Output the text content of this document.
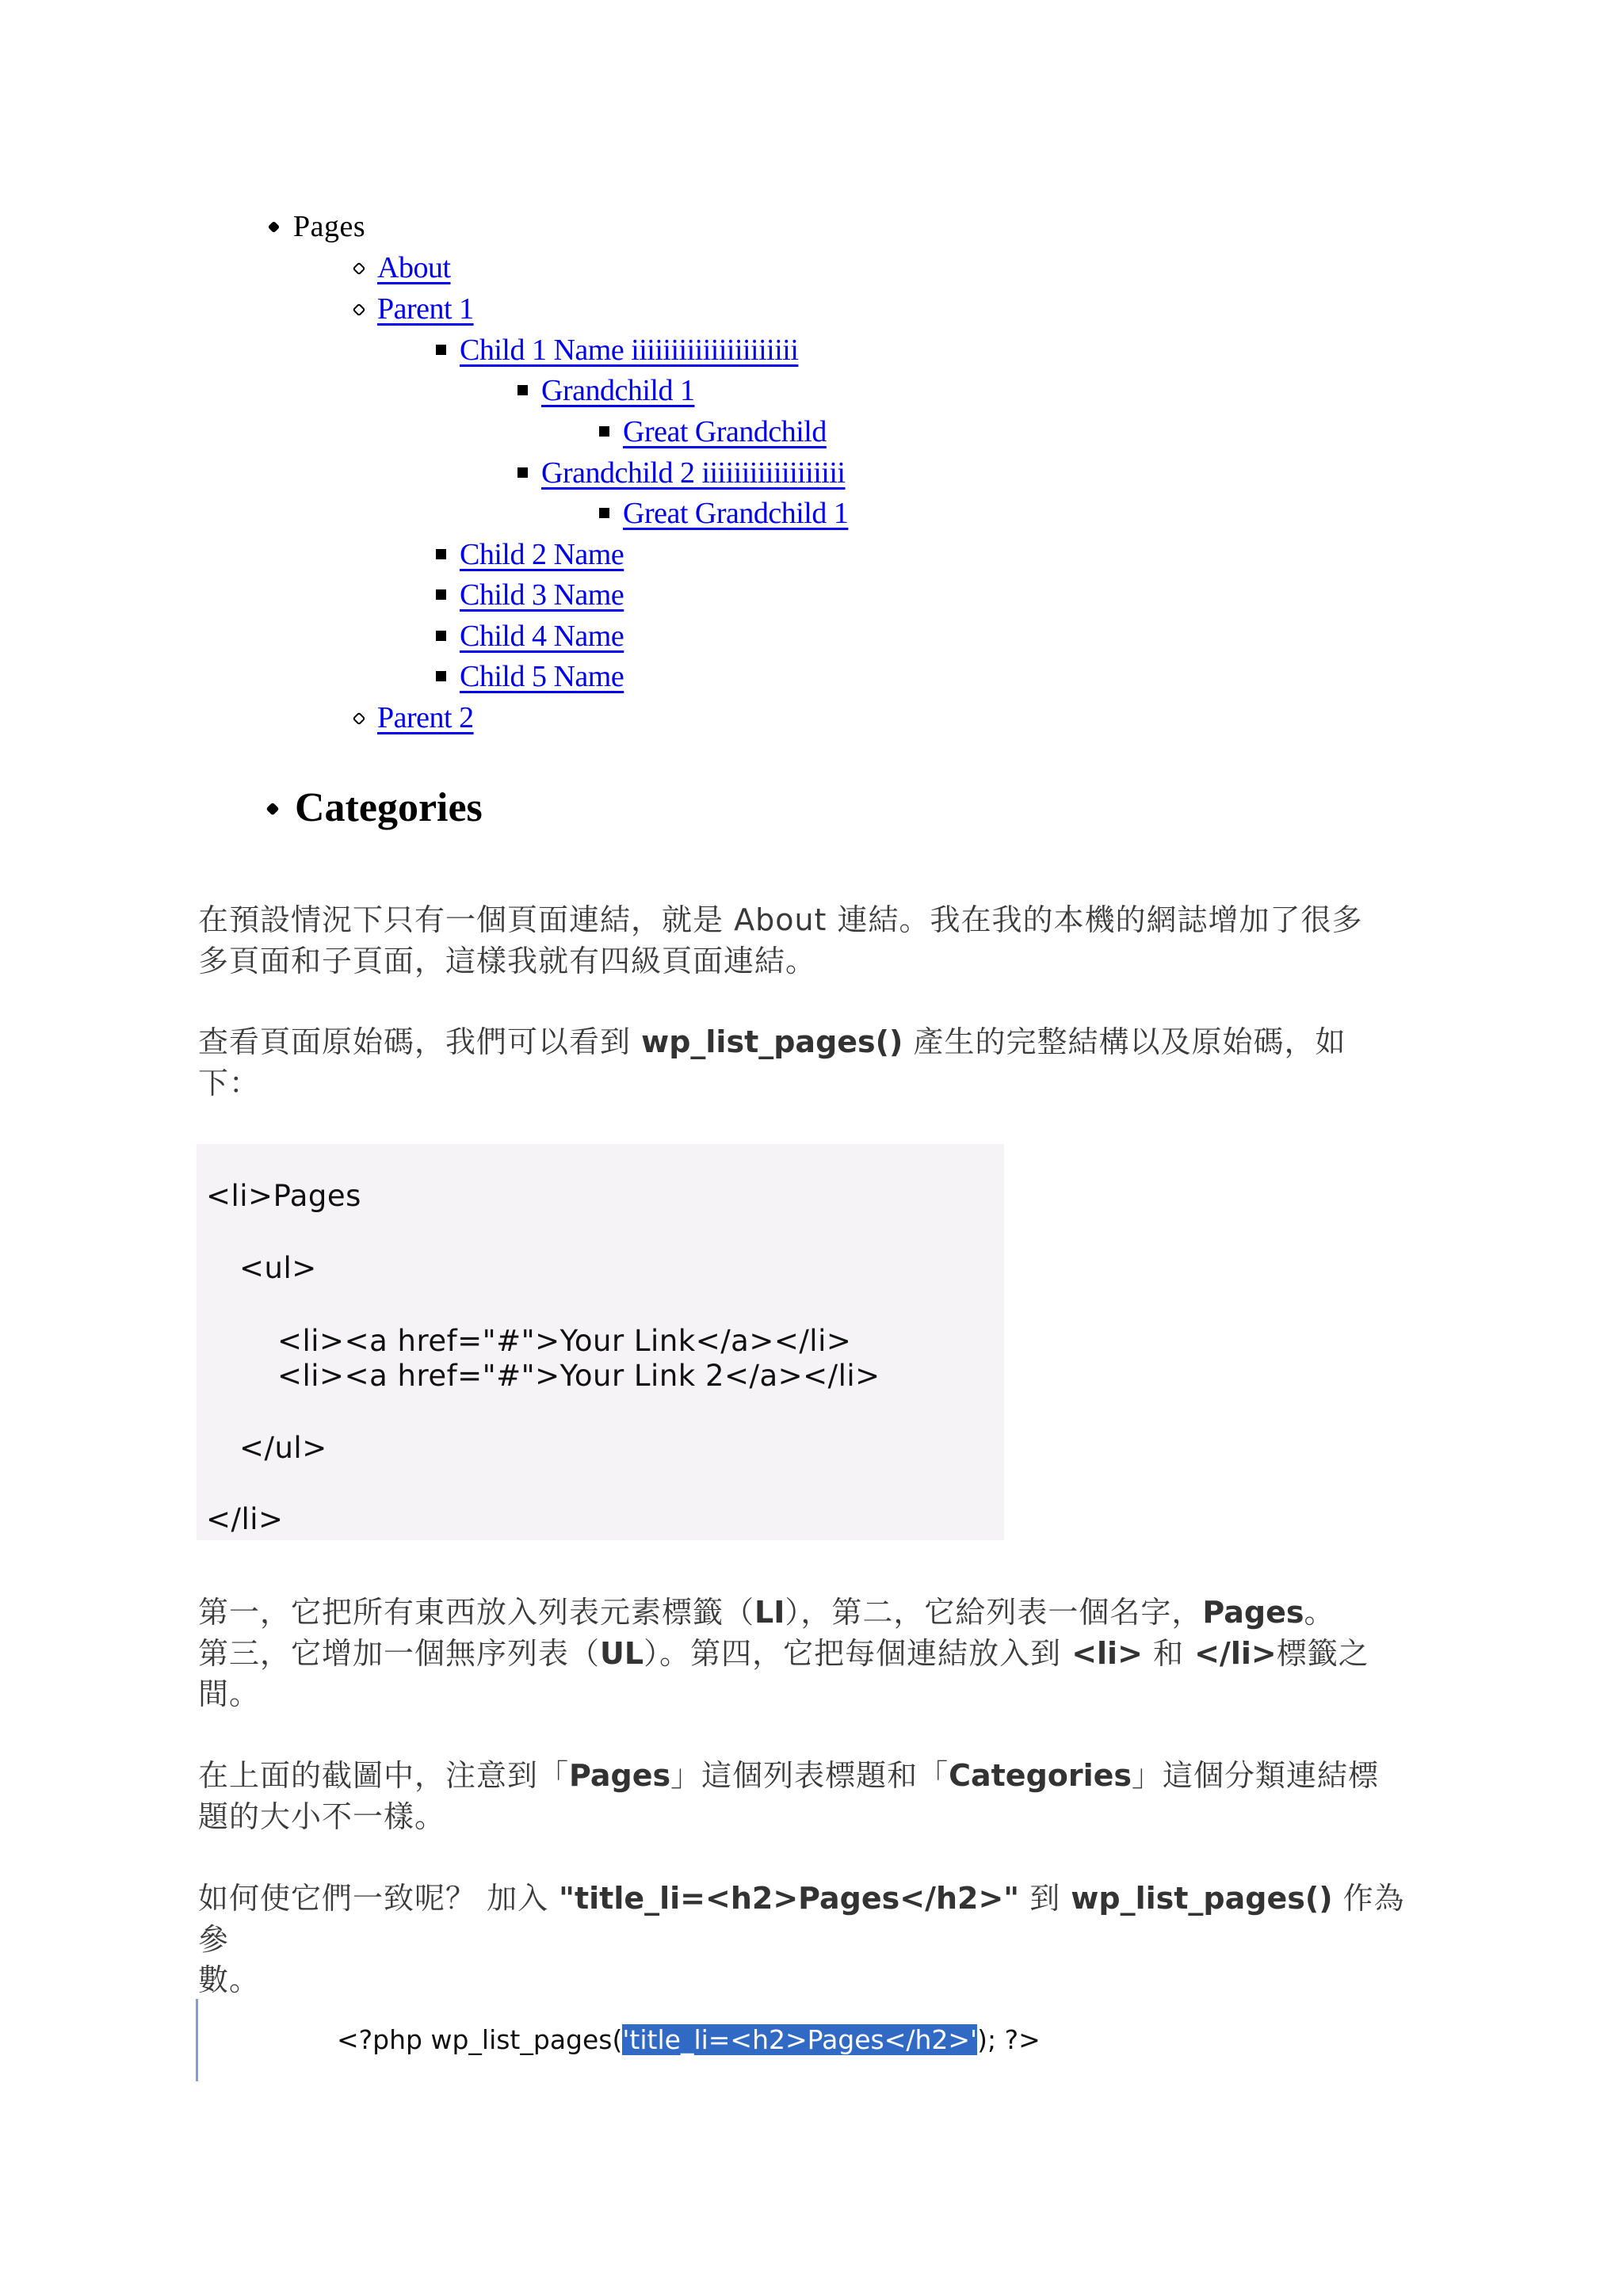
Pages
About
Parent 1
Child 1 Name iiiiiiiiiiiiiiiiiiiii
Grandchild 1
Great Grandchild
Grandchild 2 iiiiiiiiiiiiiiiiii
Great Grandchild 1
Child 2 Name
Child 3 Name
Child 4 Name
Child 5 Name
Parent 2
Categories
在預設情況下只有一個頁面連結，就是 About 連結。我在我的本機的網誌增加了很多
多頁面和子頁面，這樣我就有四級頁面連結。
查看頁面原始碼，我們可以看到 wp_list_pages() 產生的完整結構以及原始碼，如
下：
<li>Pages
<ul>
<li><a href="#">Your Link</a></li>
<li><a href="#">Your Link 2</a></li>
</ul>
</li>
第一，它把所有東西放入列表元素標籤（LI），第二，它給列表一個名字，Pages。
第三，它增加一個無序列表（UL）。第四，它把每個連結放入到 <li> 和 </li>標籤之
間。
在上面的截圖中，注意到「Pages」這個列表標題和「Categories」這個分類連結標
題的大小不一樣。
如何使它們一致呢？ 加入 "title_li=<h2>Pages</h2>" 到 wp_list_pages() 作為參
數。
<?php wp_list_pages('title_li=<h2>Pages</h2>'); ?>
